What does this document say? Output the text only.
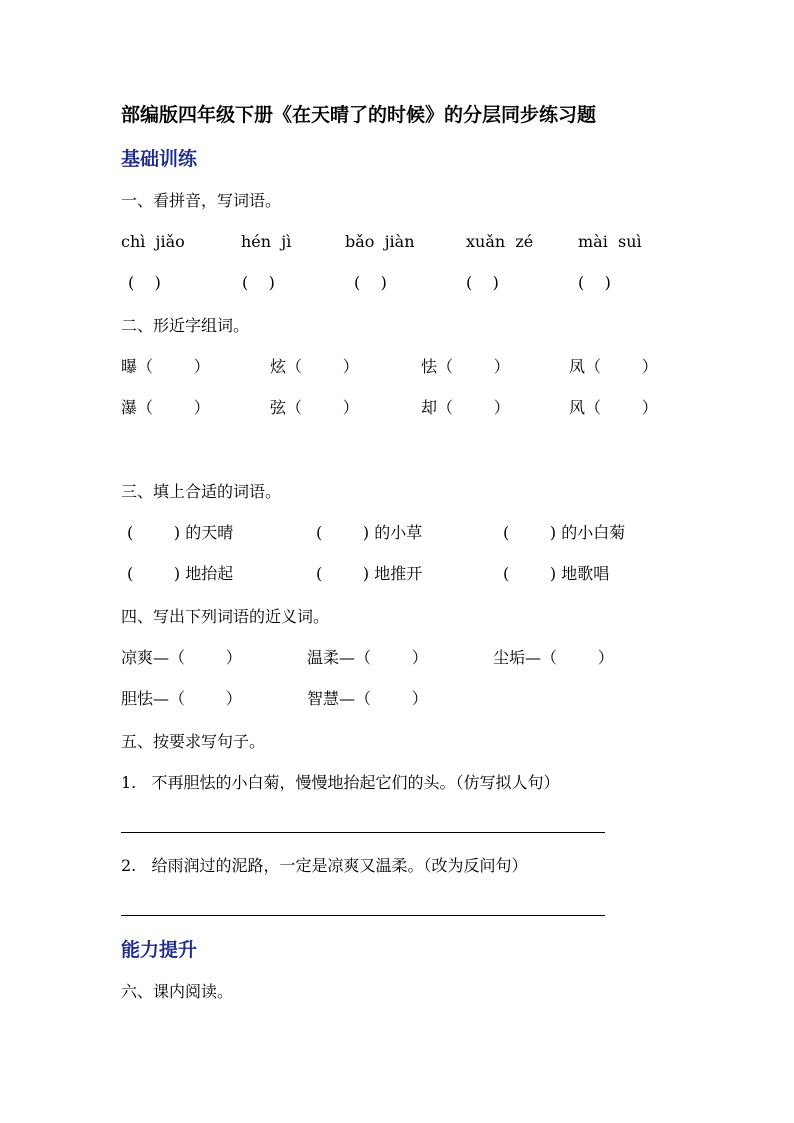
部编版四年级下册《在天晴了的时候》的分层同步练习题
基础训练
一、看拼音，写词语。
chì  jiǎo	hén  jì	bǎo  jiàn	xuǎn  zé	mài  suì
(    )	(    )	(    )	(    )	(    )
二、形近字组词。
曝（        ）	炫（        ）	怯（        ）	凤（        ）
瀑（        ）	弦（        ）	却（        ）	风（        ）
三、填上合适的词语。
(        ) 的天晴	(        ) 的小草	(        ) 的小白菊
(        ) 地抬起	(        ) 地推开	(        ) 地歌唱
四、写出下列词语的近义词。
凉爽—（        ）	温柔—（        ）	尘垢—（        ）
胆怯—（        ）	智慧—（        ）
五、按要求写句子。
1.   不再胆怯的小白菊，慢慢地抬起它们的头。（仿写拟人句）
2.   给雨润过的泥路，一定是凉爽又温柔。（改为反问句）
能力提升
六、课内阅读。
